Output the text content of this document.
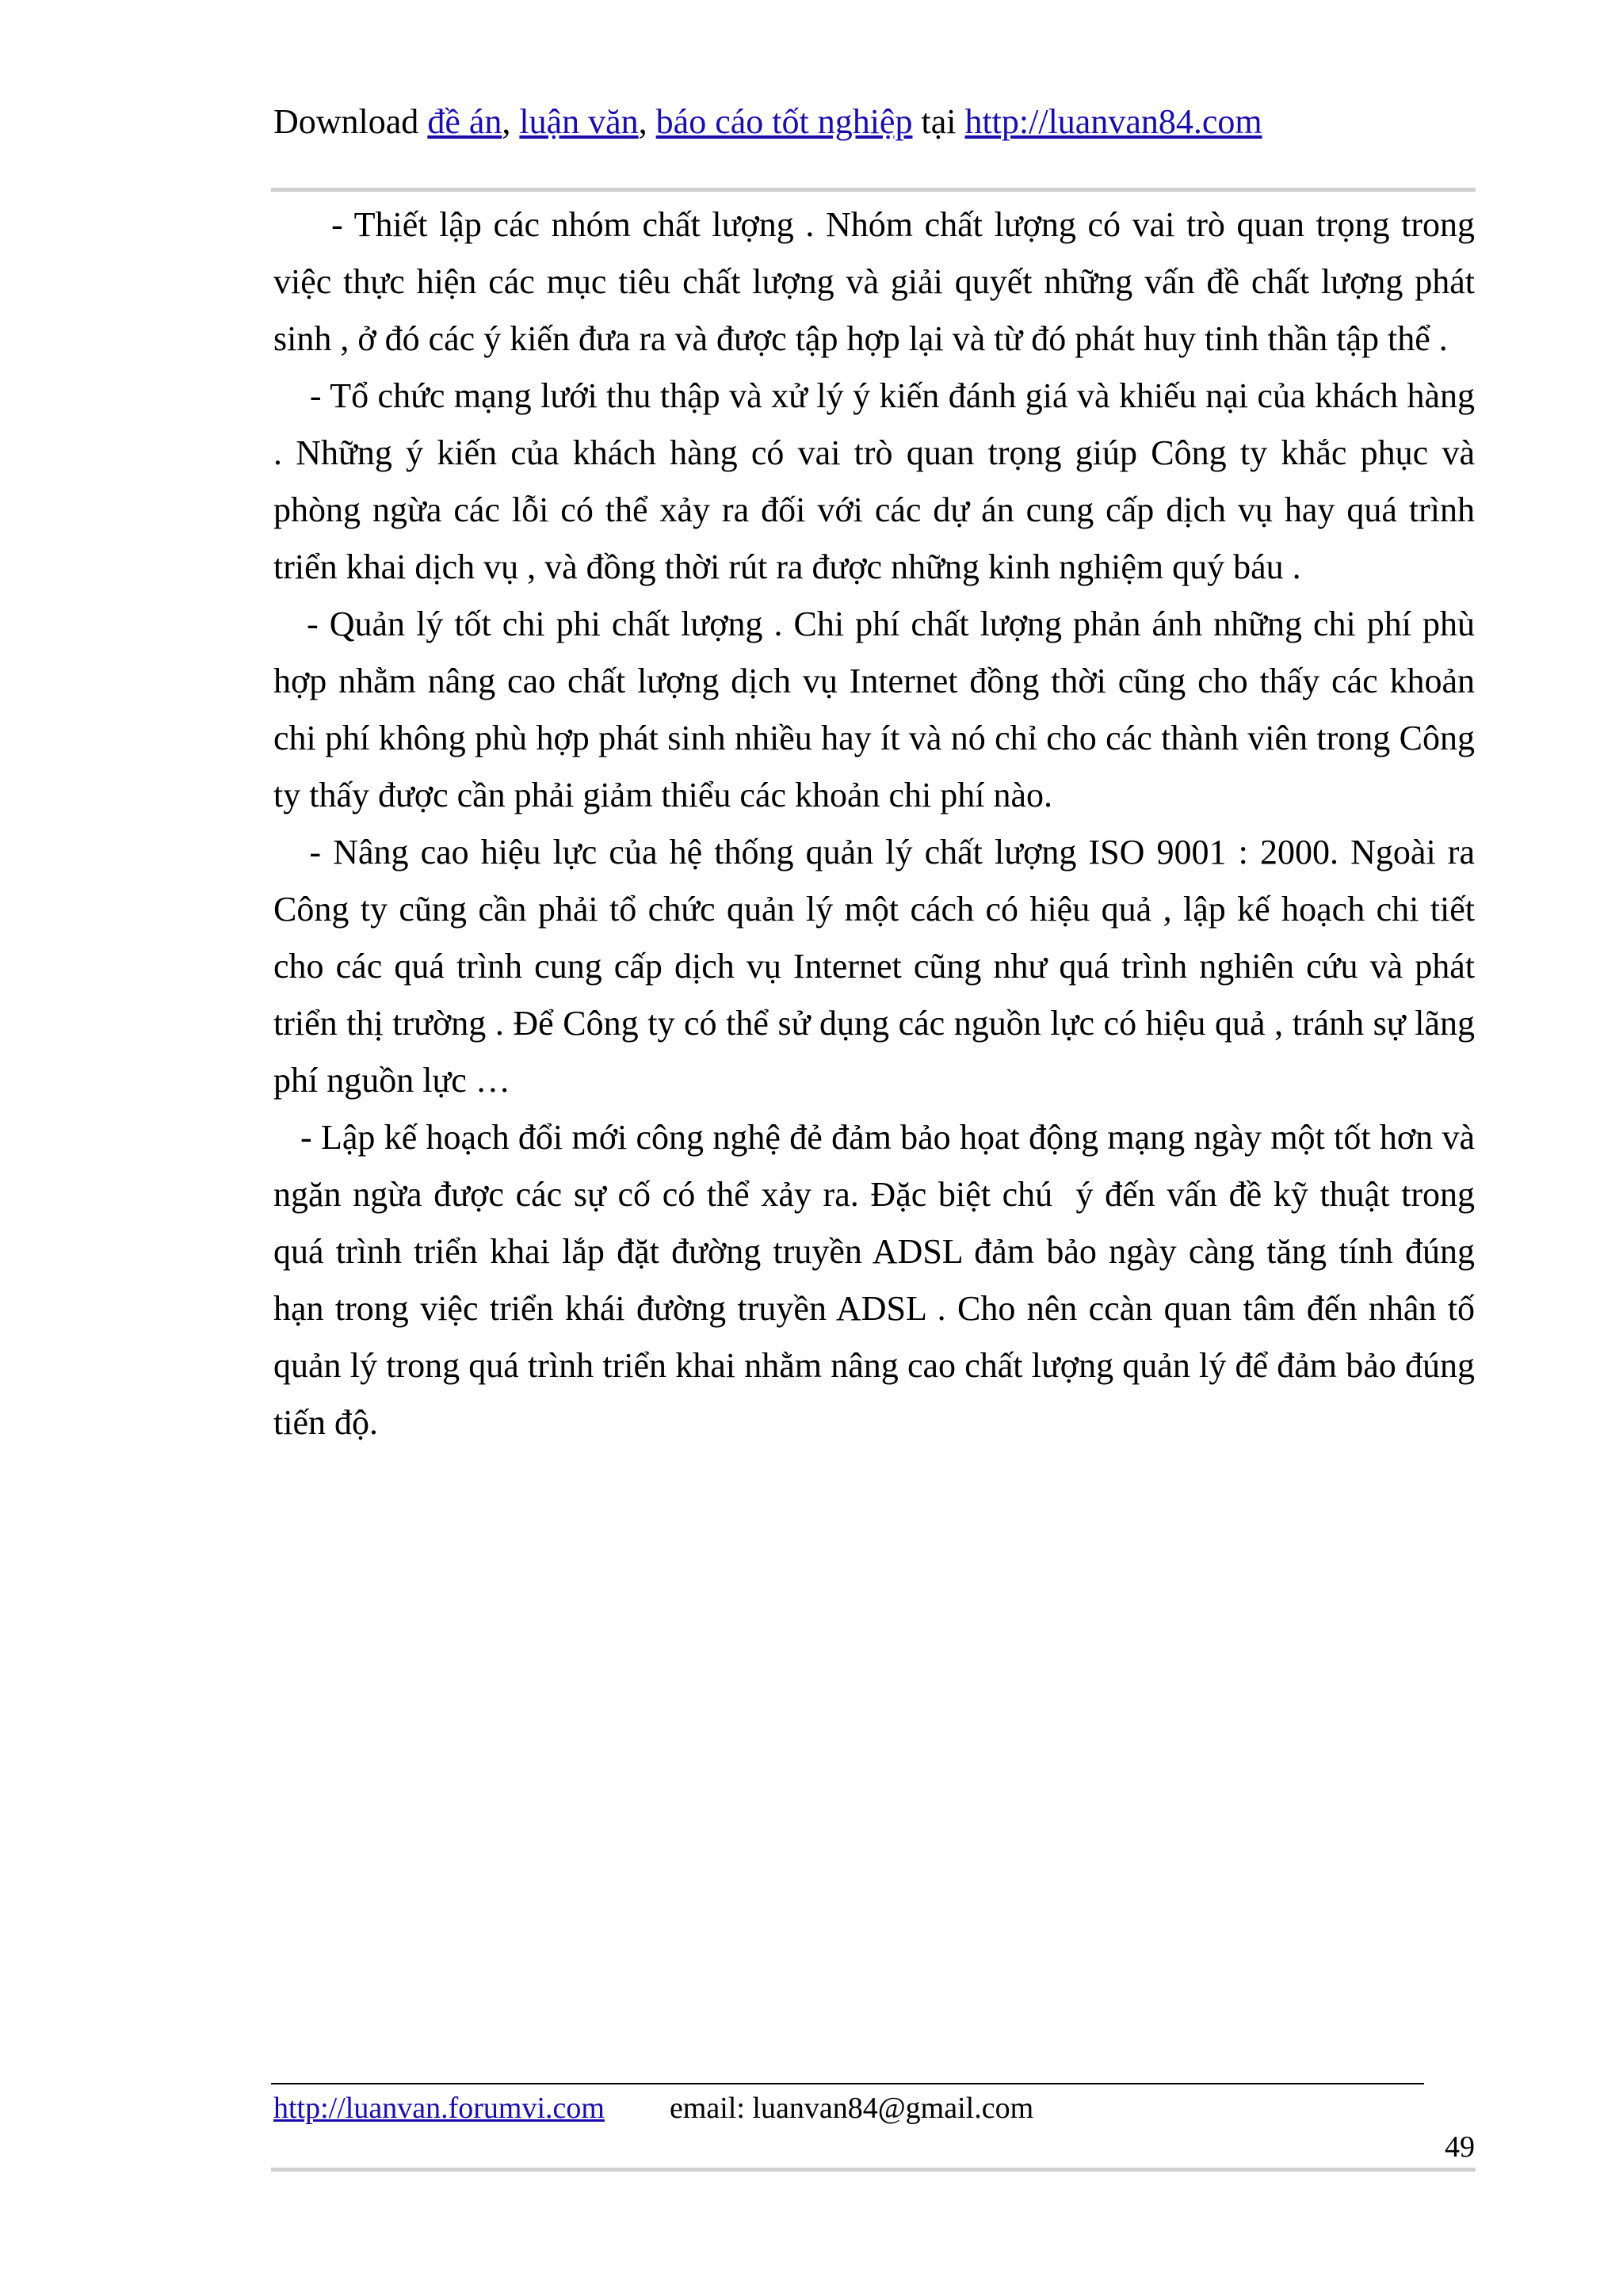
Download đề án, luận văn, báo cáo tốt nghiệp tại http://luanvan84.com

- Thiết lập các nhóm chất lượng . Nhóm chất lượng có vai trò quan trọng trong việc thực hiện các mục tiêu chất lượng và giải quyết những vấn đề chất lượng phát sinh , ở đó các ý kiến đưa ra và được tập hợp lại và từ đó phát huy tinh thần tập thể .

- Tổ chức mạng lưới thu thập và xử lý ý kiến đánh giá và khiếu nại của khách hàng . Những ý kiến của khách hàng có vai trò quan trọng giúp Công ty khắc phục và phòng ngừa các lỗi có thể xảy ra đối với các dự án cung cấp dịch vụ hay quá trình triển khai dịch vụ , và đồng thời rút ra được những kinh nghiệm quý báu .

- Quản lý tốt chi phi chất lượng . Chi phí chất lượng phản ánh những chi phí phù hợp nhằm nâng cao chất lượng dịch vụ Internet đồng thời cũng cho thấy các khoản chi phí không phù hợp phát sinh nhiều hay ít và nó chỉ cho các thành viên trong Công ty thấy được cần phải giảm thiểu các khoản chi phí nào.

- Nâng cao hiệu lực của hệ thống quản lý chất lượng ISO 9001 : 2000. Ngoài ra Công ty cũng cần phải tổ chức quản lý một cách có hiệu quả , lập kế hoạch chi tiết cho các quá trình cung cấp dịch vụ Internet cũng như quá trình nghiên cứu và phát triển thị trường . Để Công ty có thể sử dụng các nguồn lực có hiệu quả , tránh sự lãng phí nguồn lực …

- Lập kế hoạch đổi mới công nghệ đẻ đảm bảo họat động mạng ngày một tốt hơn và ngăn ngừa được các sự cố có thể xảy ra. Đặc biệt chú  ý đến vấn đề kỹ thuật trong quá trình triển khai lắp đặt đường truyền ADSL đảm bảo ngày càng tăng tính đúng hạn trong việc triển khái đường truyền ADSL . Cho nên ccàn quan tâm đến nhân tố quản lý trong quá trình triển khai nhằm nâng cao chất lượng quản lý để đảm bảo đúng tiến độ.

http://luanvan.forumvi.com email: luanvan84@gmail.com
49
